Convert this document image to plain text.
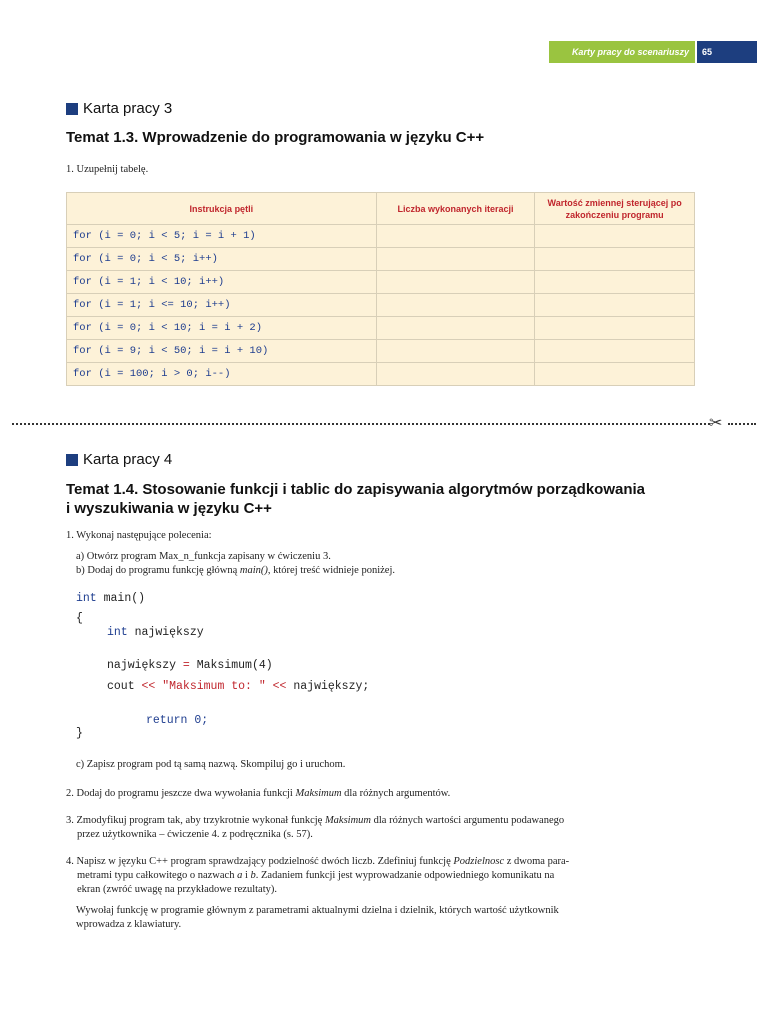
Karty pracy do scenariuszy	65
Karta pracy 3
Temat 1.3. Wprowadzenie do programowania w języku C++
1. Uzupełnij tabelę.
Instrukcja pętli	Liczba wykonanych iteracji	Wartość zmiennej sterującej po zakończeniu programu
for (i = 0; i < 5; i = i + 1)		
for (i = 0; i < 5; i++)		
for (i = 1; i < 10; i++)		
for (i = 1; i <= 10; i++)		
for (i = 0; i < 10; i = i + 2)		
for (i = 9; i < 50; i = i + 10)		
for (i = 100; i > 0; i--)		
✂
Karta pracy 4
Temat 1.4. Stosowanie funkcji i tablic do zapisywania algorytmów porządkowania
i wyszukiwania w języku C++
1. Wykonaj następujące polecenia:
a) Otwórz program Max_n_funkcja zapisany w ćwiczeniu 3.
b) Dodaj do programu funkcję główną main(), której treść widnieje poniżej.
int main()
{
int największy
największy = Maksimum(4)
cout << "Maksimum to: " << największy;
return 0;
}
c) Zapisz program pod tą samą nazwą. Skompiluj go i uruchom.
2. Dodaj do programu jeszcze dwa wywołania funkcji Maksimum dla różnych argumentów.
3. Zmodyfikuj program tak, aby trzykrotnie wykonał funkcję Maksimum dla różnych wartości argumentu podawanego
przez użytkownika – ćwiczenie 4. z podręcznika (s. 57).
4. Napisz w języku C++ program sprawdzający podzielność dwóch liczb. Zdefiniuj funkcję Podzielnosc z dwoma para-
metrami typu całkowitego o nazwach a i b. Zadaniem funkcji jest wyprowadzanie odpowiedniego komunikatu na
ekran (zwróć uwagę na przykładowe rezultaty).
Wywołaj funkcję w programie głównym z parametrami aktualnymi dzielna i dzielnik, których wartość użytkownik
wprowadza z klawiatury.
